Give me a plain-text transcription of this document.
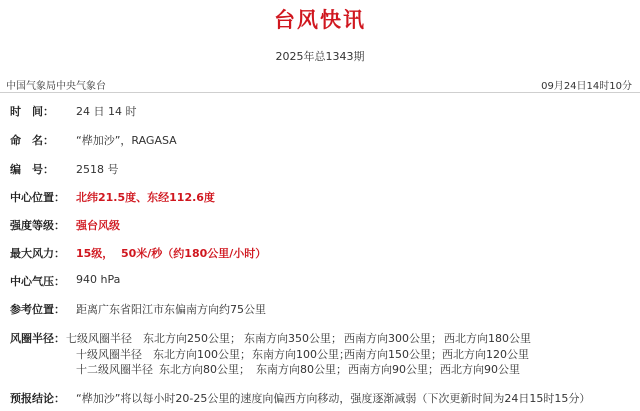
台风快讯
2025年总1343期
中国气象局中央气象台	09月24日14时10分
时　间： 24 日 14 时
命　名： “桦加沙”，RAGASA
编　号： 2518 号
中心位置： 北纬21.5度、东经112.6度
强度等级： 强台风级
最大风力： 15级，  50米/秒（约180公里/小时）
中心气压： 940 hPa
参考位置： 距离广东省阳江市东偏南方向约75公里
风圈半径： 七级风圈半径 东北方向250公里； 东南方向350公里； 西南方向300公里； 西北方向180公里
十级风圈半径 东北方向100公里； 东南方向100公里；
西南方向150公里； 西北方向120公里
十二级风圈半径 东北方向80公里； 东南方向80公里； 西南方向90公里； 西北方向90公里
预报结论： “桦加沙”将以每小时20-25公里的速度向偏西方向移动，强度逐渐减弱（下次更新时间为24日15时15分）
